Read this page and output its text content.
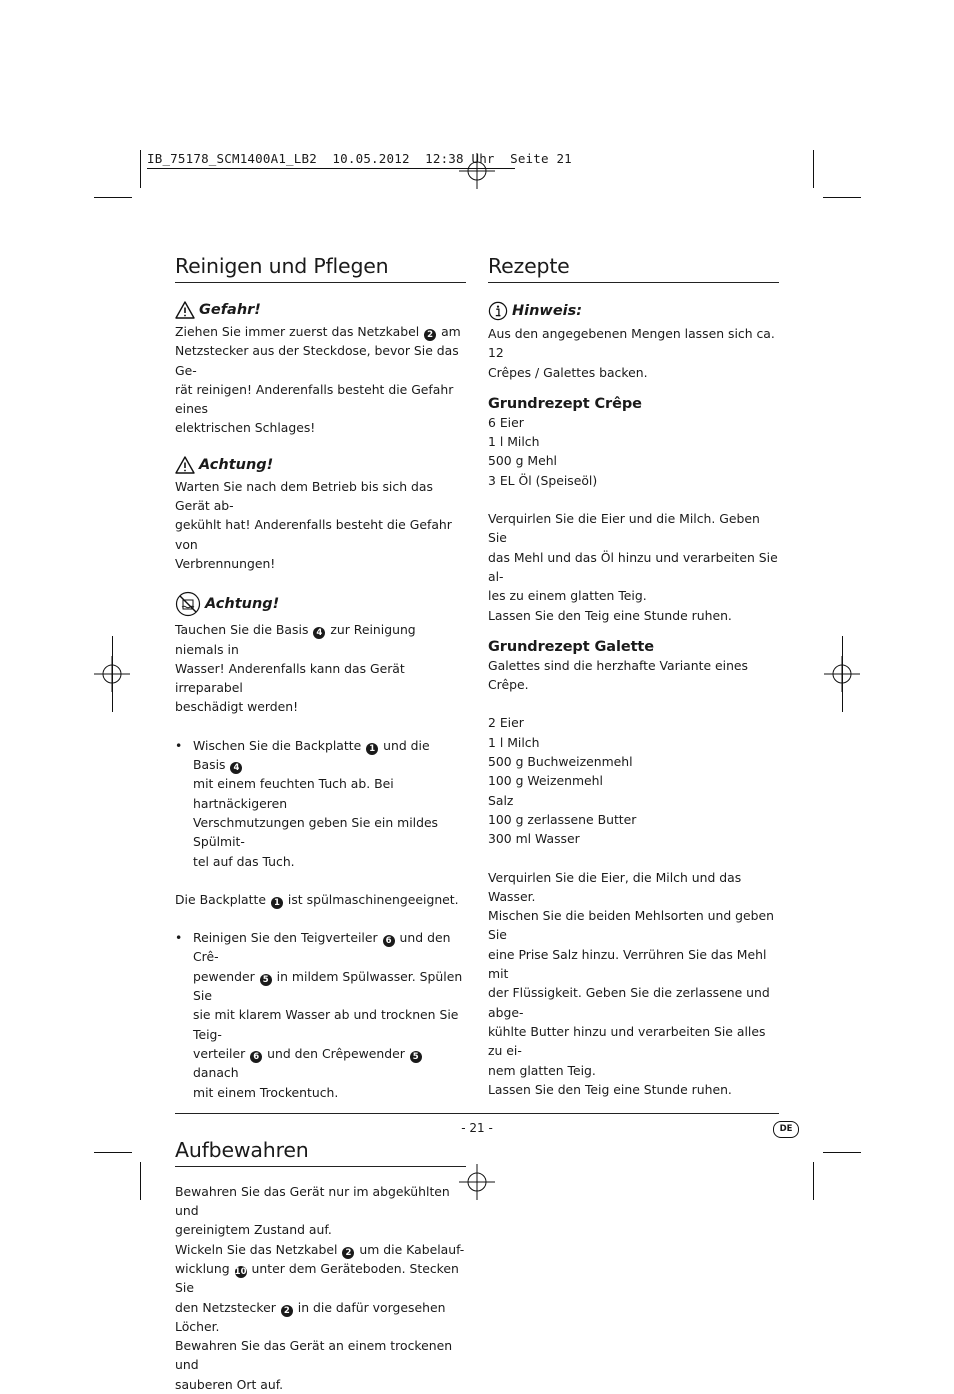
IB_75178_SCM1400A1_LB2  10.05.2012  12:38 Uhr  Seite 21
Reinigen und Pflegen
Gefahr!

Ziehen Sie immer zuerst das Netzkabel 2 am

Netzstecker aus der Steckdose, bevor Sie das Ge-

rät reinigen! Anderenfalls besteht die Gefahr eines

elektrischen Schlages!

Achtung!

Warten Sie nach dem Betrieb bis sich das Gerät ab-

gekühlt hat! Anderenfalls besteht die Gefahr von

Verbrennungen!

Achtung!

Tauchen Sie die Basis 4 zur Reinigung niemals in

Wasser! Anderenfalls kann das Gerät irreparabel

beschädigt werden!

• Wischen Sie die Backplatte 1 und die Basis 4

mit einem feuchten Tuch ab. Bei hartnäckigeren

Verschmutzungen geben Sie ein mildes Spülmit-

tel auf das Tuch.

Die Backplatte 1 ist spülmaschinengeeignet.

• Reinigen Sie den Teigverteiler 6 und den Crê-

pewender 5 in mildem Spülwasser. Spülen Sie

sie mit klarem Wasser ab und trocknen Sie Teig-

verteiler 6 und den Crêpewender 5 danach

mit einem Trockentuch.

Aufbewahren

Bewahren Sie das Gerät nur im abgekühlten und

gereinigtem Zustand auf.

Wickeln Sie das Netzkabel 2 um die Kabelauf-

wicklung 10 unter dem Geräteboden. Stecken Sie

den Netzstecker 2 in die dafür vorgesehen Löcher.

Bewahren Sie das Gerät an einem trockenen und

sauberen Ort auf.

Rezepte
Hinweis:

Aus den angegebenen Mengen lassen sich ca. 12

Crêpes / Galettes backen.

Grundrezept Crêpe

6 Eier

1 l Milch

500 g Mehl

3 EL Öl (Speiseöl)

Verquirlen Sie die Eier und die Milch. Geben Sie

das Mehl und das Öl hinzu und verarbeiten Sie al-

les zu einem glatten Teig.

Lassen Sie den Teig eine Stunde ruhen.

Grundrezept Galette

Galettes sind die herzhafte Variante eines Crêpe.

2 Eier

1 l Milch

500 g Buchweizenmehl

100 g Weizenmehl

Salz

100 g zerlassene Butter

300 ml Wasser

Verquirlen Sie die Eier, die Milch und das Wasser.

Mischen Sie die beiden Mehlsorten und geben Sie

eine Prise Salz hinzu. Verrühren Sie das Mehl mit

der Flüssigkeit. Geben Sie die zerlassene und abge-

kühlte Butter hinzu und verarbeiten Sie alles zu ei-

nem glatten Teig.

Lassen Sie den Teig eine Stunde ruhen.

- 21 -	DE
